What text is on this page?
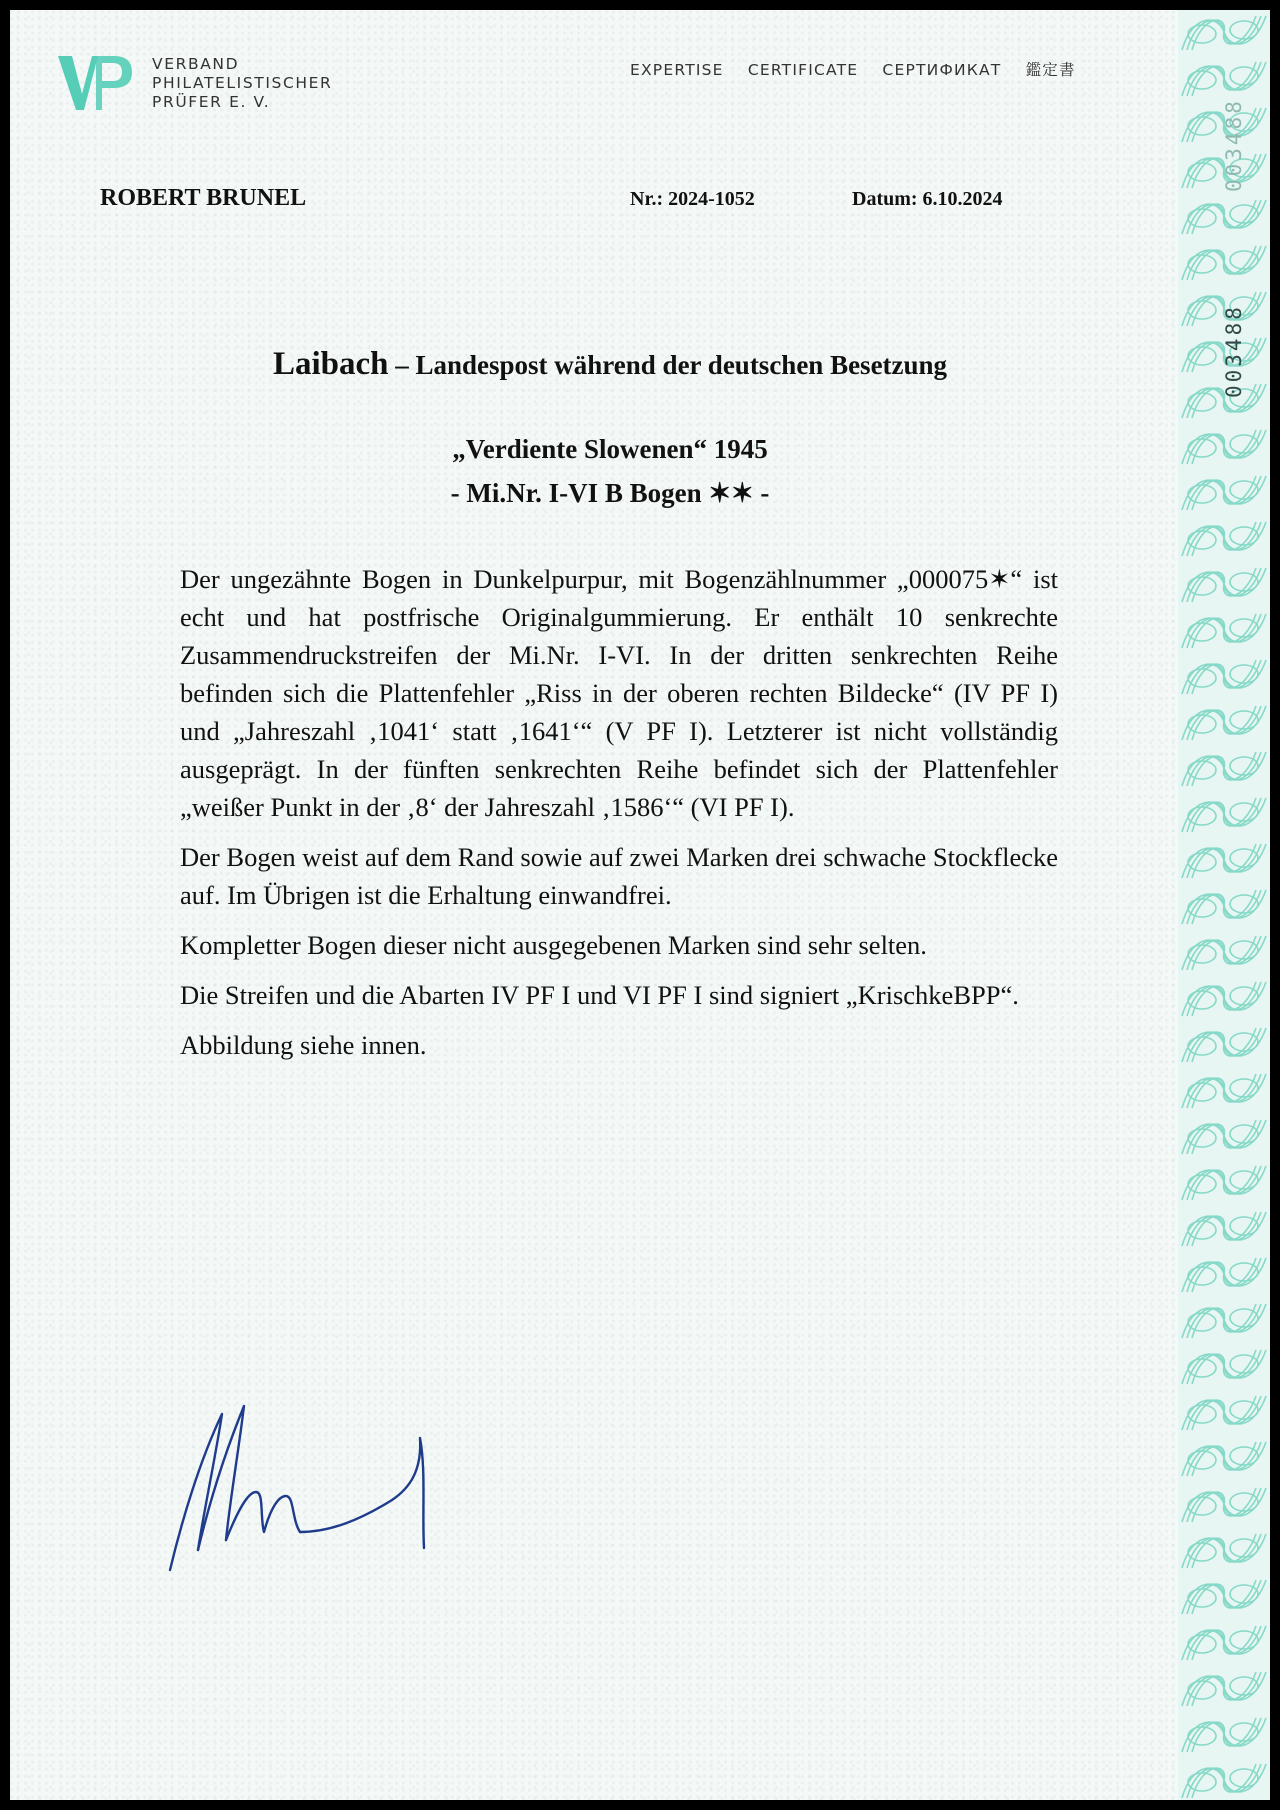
003488
003488
VERBAND
PHILATELISTISCHER
PRÜFER E. V.
EXPERTISE CERTIFICATE СЕРТИФИКАТ 鑑定書
ROBERT BRUNEL	Nr.: 2024-1052	Datum: 6.10.2024
Laibach – Landespost während der deutschen Besetzung
„Verdiente Slowenen“ 1945
- Mi.Nr. I-VI B Bogen ✶✶ -

Der ungezähnte Bogen in Dunkelpurpur, mit Bogenzählnummer „000075✶“ ist echt und hat postfrische Originalgummierung. Er enthält 10 senkrechte Zusammendruckstreifen der Mi.Nr. I-VI. In der dritten senkrechten Reihe befinden sich die Plattenfehler „Riss in der oberen rechten Bildecke“ (IV PF I) und „Jahreszahl ‚1041‘ statt ‚1641‘“ (V PF I). Letzterer ist nicht vollständig ausgeprägt. In der fünften senkrechten Reihe befindet sich der Plattenfehler „weißer Punkt in der ‚8‘ der Jahreszahl ‚1586‘“ (VI PF I).

Der Bogen weist auf dem Rand sowie auf zwei Marken drei schwache Stockflecke auf. Im Übrigen ist die Erhaltung einwandfrei.

Kompletter Bogen dieser nicht ausgegebenen Marken sind sehr selten.

Die Streifen und die Abarten IV PF I und VI PF I sind signiert „KrischkeBPP“.

Abbildung siehe innen.
